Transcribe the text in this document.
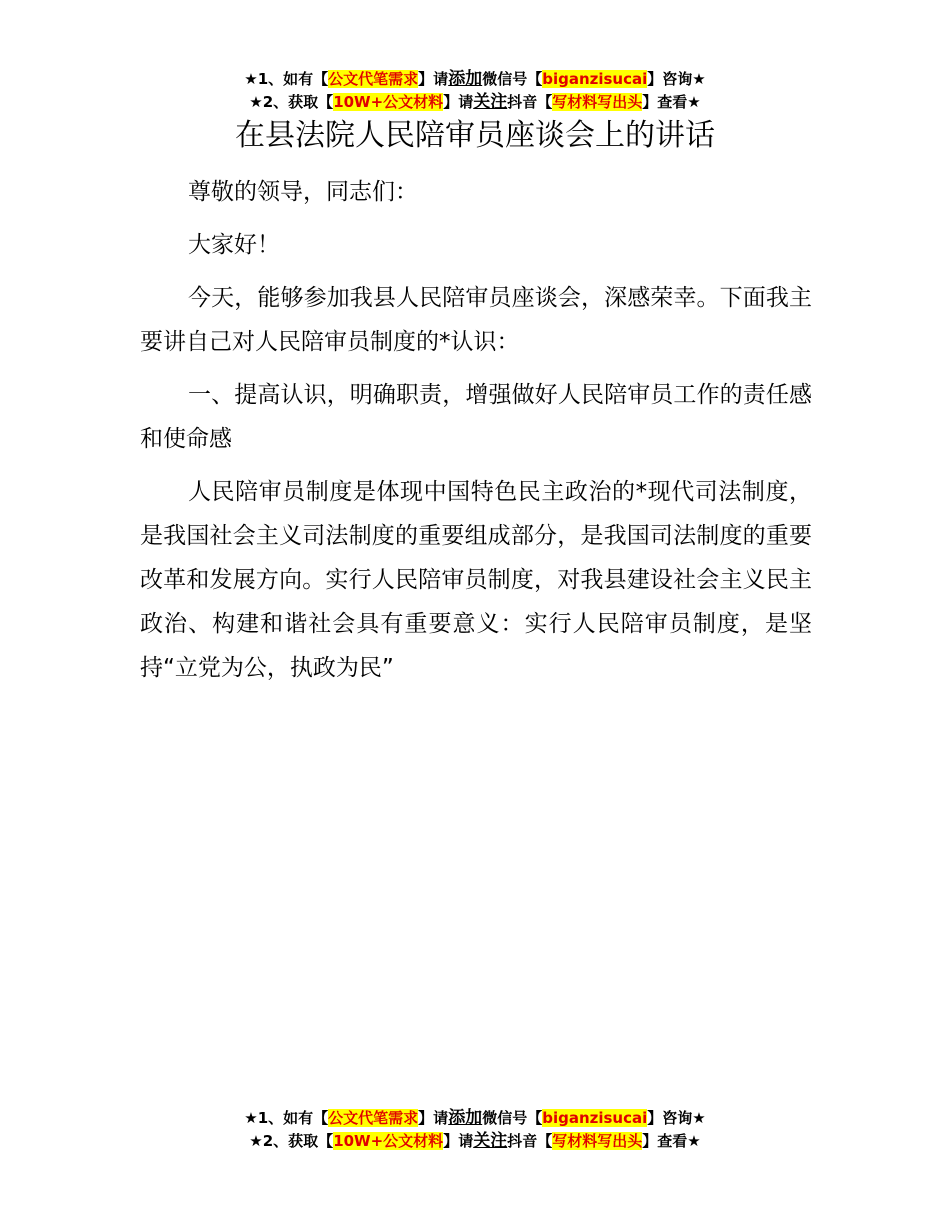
★1、如有【公文代笔需求】请添加微信号【biganzisucai】咨询★
★2、获取【10W+公文材料】请关注抖音【写材料写出头】查看★
在县法院人民陪审员座谈会上的讲话

尊敬的领导，同志们：

大家好！

今天，能够参加我县人民陪审员座谈会，深感荣幸。下面我主要讲自己对人民陪审员制度的*认识：

一、提高认识，明确职责，增强做好人民陪审员工作的责任感和使命感

人民陪审员制度是体现中国特色民主政治的*现代司法制度，是我国社会主义司法制度的重要组成部分，是我国司法制度的重要改革和发展方向。实行人民陪审员制度，对我县建设社会主义民主政治、构建和谐社会具有重要意义：实行人民陪审员制度，是坚持“立党为公，执政为民”

★1、如有【公文代笔需求】请添加微信号【biganzisucai】咨询★
★2、获取【10W+公文材料】请关注抖音【写材料写出头】查看★
